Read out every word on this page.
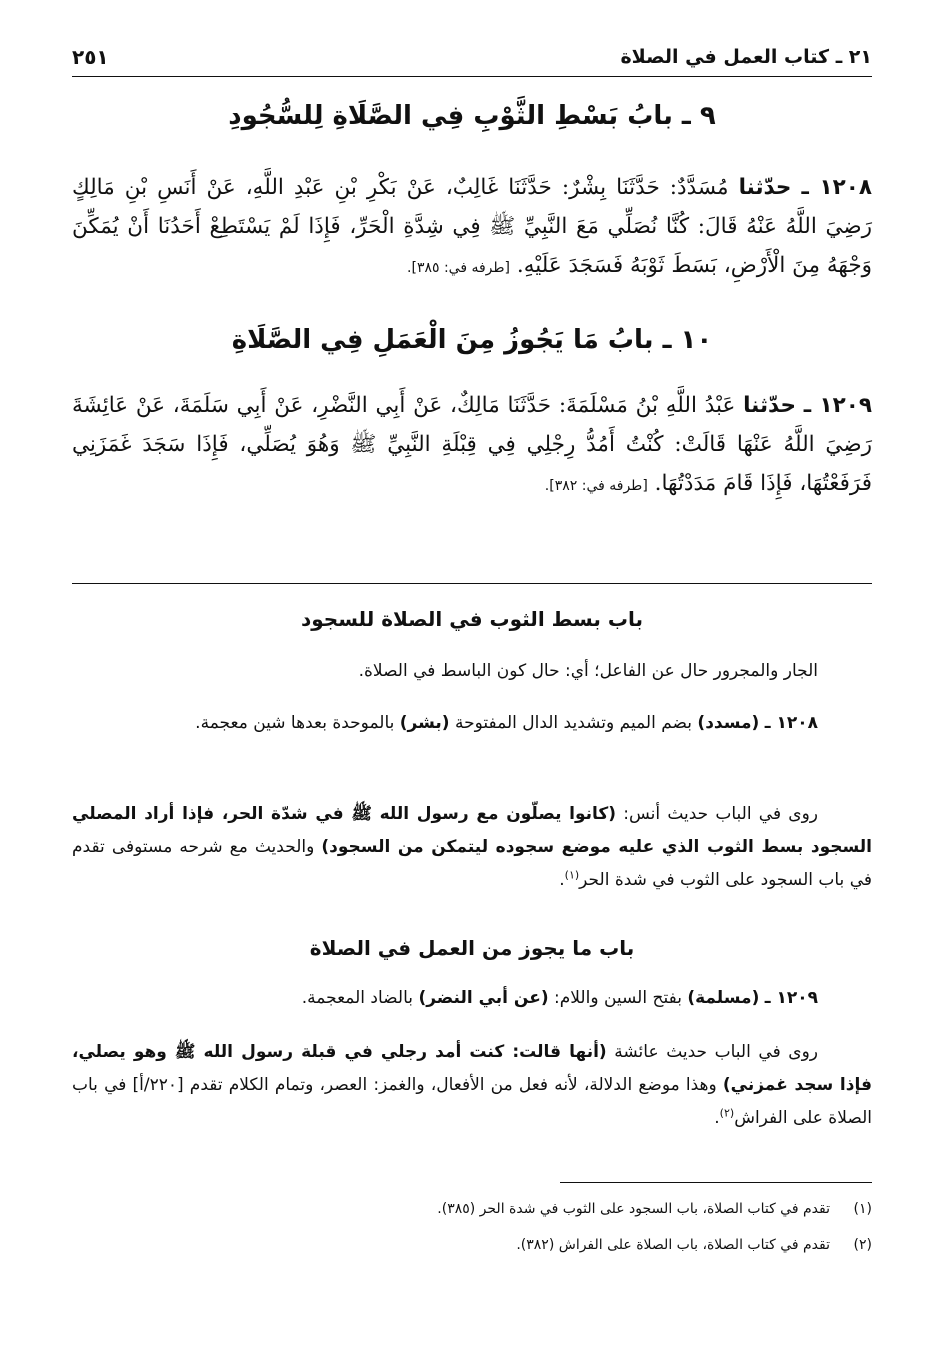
٢١ ـ كتاب العمل في الصلاة
٢٥١
٩ ـ بابُ بَسْطِ الثَّوْبِ فِي الصَّلَاةِ لِلسُّجُودِ
١٢٠٨ ـ حدّثنا مُسَدَّدٌ: حَدَّثَنَا بِشْرٌ: حَدَّثَنَا غَالِبٌ، عَنْ بَكْرِ بْنِ عَبْدِ اللَّهِ، عَنْ أَنَسِ بْنِ مَالِكٍ رَضِيَ اللَّهُ عَنْهُ قَالَ: كُنَّا نُصَلِّي مَعَ النَّبِيِّ ﷺ فِي شِدَّةِ الْحَرِّ، فَإِذَا لَمْ يَسْتَطِعْ أَحَدُنَا أَنْ يُمَكِّنَ وَجْهَهُ مِنَ الْأَرْضِ، بَسَطَ ثَوْبَهُ فَسَجَدَ عَلَيْهِ. [طرفه في: ٣٨٥].
١٠ ـ بابُ مَا يَجُوزُ مِنَ الْعَمَلِ فِي الصَّلَاةِ
١٢٠٩ ـ حدّثنا عَبْدُ اللَّهِ بْنُ مَسْلَمَةَ: حَدَّثَنَا مَالِكٌ، عَنْ أَبِي النَّضْرِ، عَنْ أَبِي سَلَمَةَ، عَنْ عَائِشَةَ رَضِيَ اللَّهُ عَنْهَا قَالَتْ: كُنْتُ أَمُدُّ رِجْلِي فِي قِبْلَةِ النَّبِيِّ ﷺ وَهُوَ يُصَلِّي، فَإِذَا سَجَدَ غَمَزَنِي فَرَفَعْتُهَا، فَإِذَا قَامَ مَدَدْتُهَا. [طرفه في: ٣٨٢].
باب بسط الثوب في الصلاة للسجود
الجار والمجرور حال عن الفاعل؛ أي: حال كون الباسط في الصلاة.
١٢٠٨ ـ (مسدد) بضم الميم وتشديد الدال المفتوحة (بشر) بالموحدة بعدها شين معجمة.
روى في الباب حديث أنس: (كانوا يصلّون مع رسول الله ﷺ في شدّة الحر، فإذا أراد المصلي السجود بسط الثوب الذي عليه موضع سجوده ليتمكن من السجود) والحديث مع شرحه مستوفى تقدم في باب السجود على الثوب في شدة الحر$^{(١)}$.
باب ما يجوز من العمل في الصلاة
١٢٠٩ ـ (مسلمة) بفتح السين واللام: (عن أبي النضر) بالضاد المعجمة.
روى في الباب حديث عائشة (أنها قالت: كنت أمد رجلي في قبلة رسول الله ﷺ وهو يصلي، فإذا سجد غمزني) وهذا موضع الدلالة، لأنه فعل من الأفعال، والغمز: العصر، وتمام الكلام تقدم [٢٢٠/أ] في باب الصلاة على الفراش$^{(٢)}$.
(١)تقدم في كتاب الصلاة، باب السجود على الثوب في شدة الحر (٣٨٥).
(٢)تقدم في كتاب الصلاة، باب الصلاة على الفراش (٣٨٢).
